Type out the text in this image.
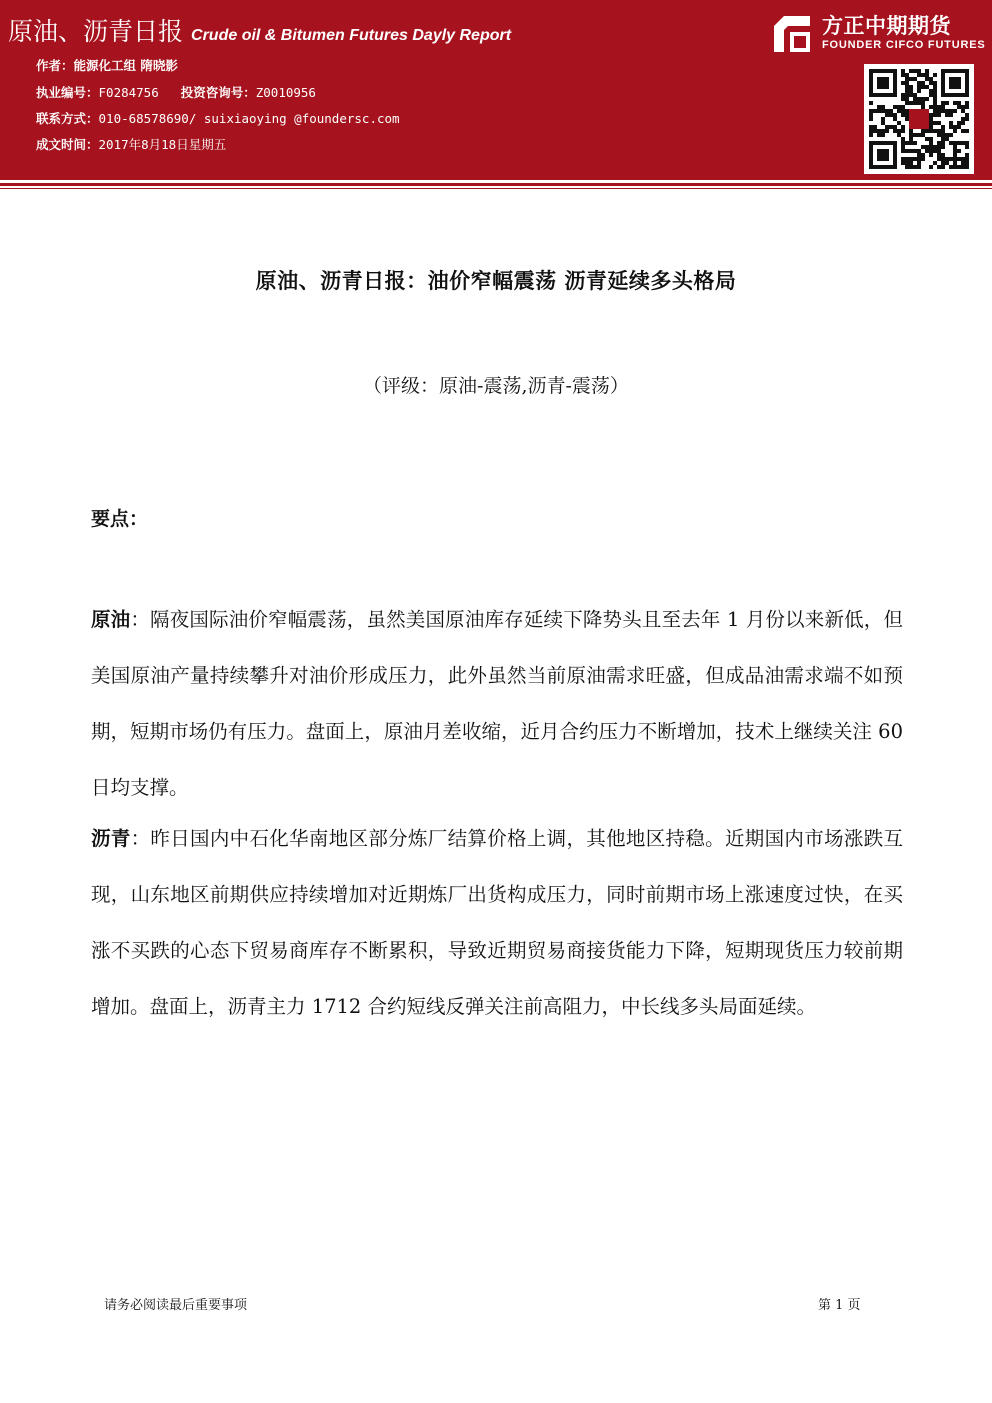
原油、沥青日报 Crude oil & Bitumen Futures Dayly Report
作者：能源化工组 隋晓影
执业编号：F0284756 投资咨询号：Z0010956
联系方式：010-68578690/ suixiaoying @foundersc.com
成文时间：2017年8月18日星期五
方正中期期货
FOUNDER CIFCO FUTURES
原油、沥青日报：油价窄幅震荡 沥青延续多头格局
（评级：原油-震荡,沥青-震荡）
要点：
原油：隔夜国际油价窄幅震荡，虽然美国原油库存延续下降势头且至去年 1 月份以来新低，但美国原油产量持续攀升对油价形成压力，此外虽然当前原油需求旺盛，但成品油需求端不如预期，短期市场仍有压力。盘面上，原油月差收缩，近月合约压力不断增加，技术上继续关注 60 日均支撑。
沥青：昨日国内中石化华南地区部分炼厂结算价格上调，其他地区持稳。近期国内市场涨跌互现，山东地区前期供应持续增加对近期炼厂出货构成压力，同时前期市场上涨速度过快，在买涨不买跌的心态下贸易商库存不断累积，导致近期贸易商接货能力下降，短期现货压力较前期增加。盘面上，沥青主力 1712 合约短线反弹关注前高阻力，中长线多头局面延续。
请务必阅读最后重要事项	第 1 页
